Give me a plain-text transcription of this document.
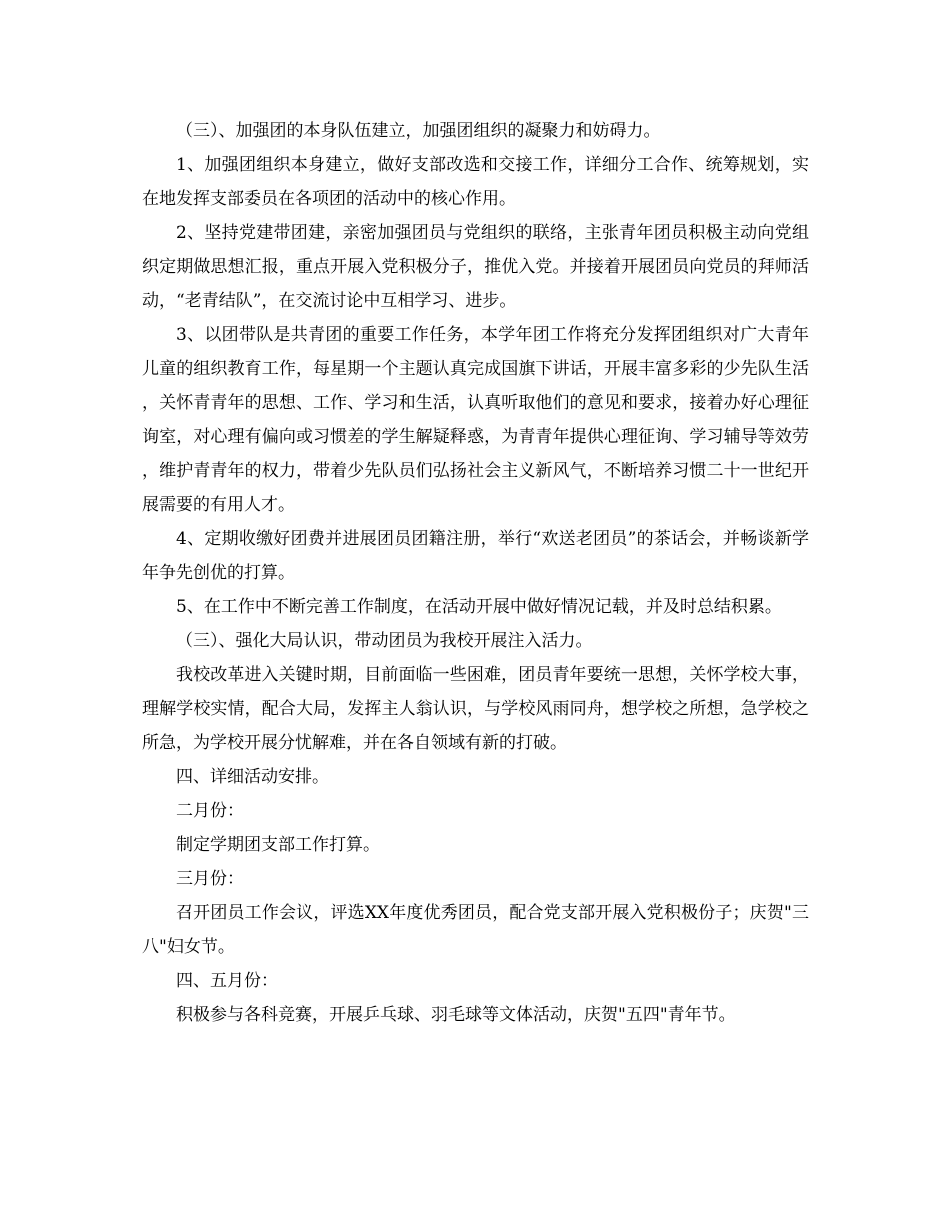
（三）、加强团的本身队伍建立，加强团组织的凝聚力和妨碍力。

1、加强团组织本身建立，做好支部改选和交接工作，详细分工合作、统筹规划，实在地发挥支部委员在各项团的活动中的核心作用。

2、坚持党建带团建，亲密加强团员与党组织的联络，主张青年团员积极主动向党组织定期做思想汇报，重点开展入党积极分子，推优入党。并接着开展团员向党员的拜师活动，“老青结队”，在交流讨论中互相学习、进步。

3、以团带队是共青团的重要工作任务，本学年团工作将充分发挥团组织对广大青年儿童的组织教育工作，每星期一个主题认真完成国旗下讲话，开展丰富多彩的少先队生活，关怀青青年的思想、工作、学习和生活，认真听取他们的意见和要求，接着办好心理征询室，对心理有偏向或习惯差的学生解疑释惑，为青青年提供心理征询、学习辅导等效劳，维护青青年的权力，带着少先队员们弘扬社会主义新风气，不断培养习惯二十一世纪开展需要的有用人才。

4、定期收缴好团费并进展团员团籍注册，举行“欢送老团员”的茶话会，并畅谈新学年争先创优的打算。

5、在工作中不断完善工作制度，在活动开展中做好情况记载，并及时总结积累。

（三）、强化大局认识，带动团员为我校开展注入活力。

我校改革进入关键时期，目前面临一些困难，团员青年要统一思想，关怀学校大事，理解学校实情，配合大局，发挥主人翁认识，与学校风雨同舟，想学校之所想，急学校之所急，为学校开展分忧解难，并在各自领域有新的打破。

四、详细活动安排。

二月份：

制定学期团支部工作打算。

三月份：

召开团员工作会议，评选XX年度优秀团员，配合党支部开展入党积极份子；庆贺"三八"妇女节。

四、五月份：

积极参与各科竞赛，开展乒乓球、羽毛球等文体活动，庆贺"五四"青年节。
